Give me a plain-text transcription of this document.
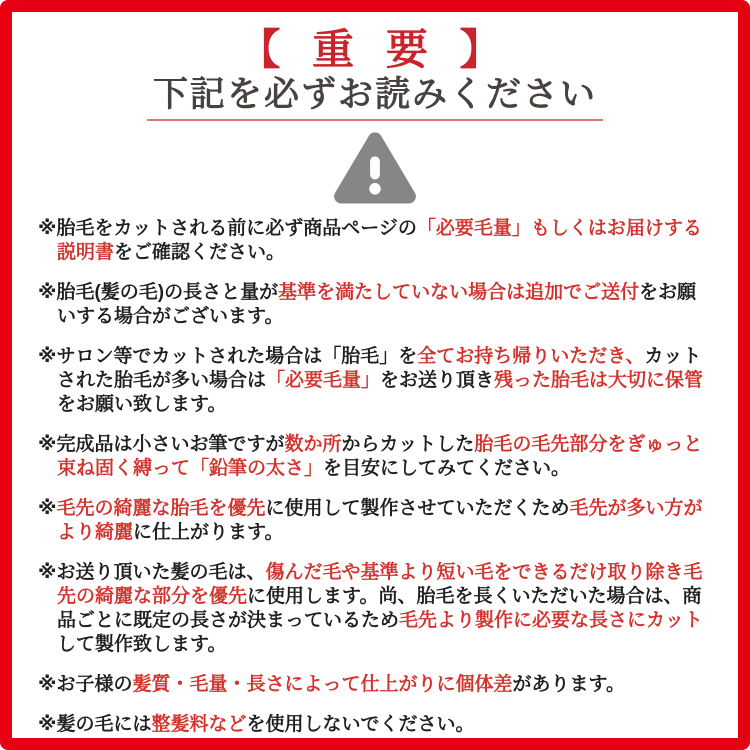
【 重 要 】
下記を必ずお読みください
※胎毛をカットされる前に必ず商品ページの「必要毛量」もしくはお届けする説明書をご確認ください。
※胎毛(髪の毛)の長さと量が基準を満たしていない場合は追加でご送付をお願いする場合がございます。
※サロン等でカットされた場合は「胎毛」を全てお持ち帰りいただき、カットされた胎毛が多い場合は「必要毛量」をお送り頂き残った胎毛は大切に保管をお願い致します。
※完成品は小さいお筆ですが数か所からカットした胎毛の毛先部分をぎゅっと束ね固く縛って「鉛筆の太さ」を目安にしてみてください。
※毛先の綺麗な胎毛を優先に使用して製作させていただくため毛先が多い方がより綺麗に仕上がります。
※お送り頂いた髪の毛は、傷んだ毛や基準より短い毛をできるだけ取り除き毛先の綺麗な部分を優先に使用します。尚、胎毛を長くいただいた場合は、商品ごとに既定の長さが決まっているため毛先より製作に必要な長さにカットして製作致します。
※お子様の髪質・毛量・長さによって仕上がりに個体差があります。
※髪の毛には整髪料などを使用しないでください。
